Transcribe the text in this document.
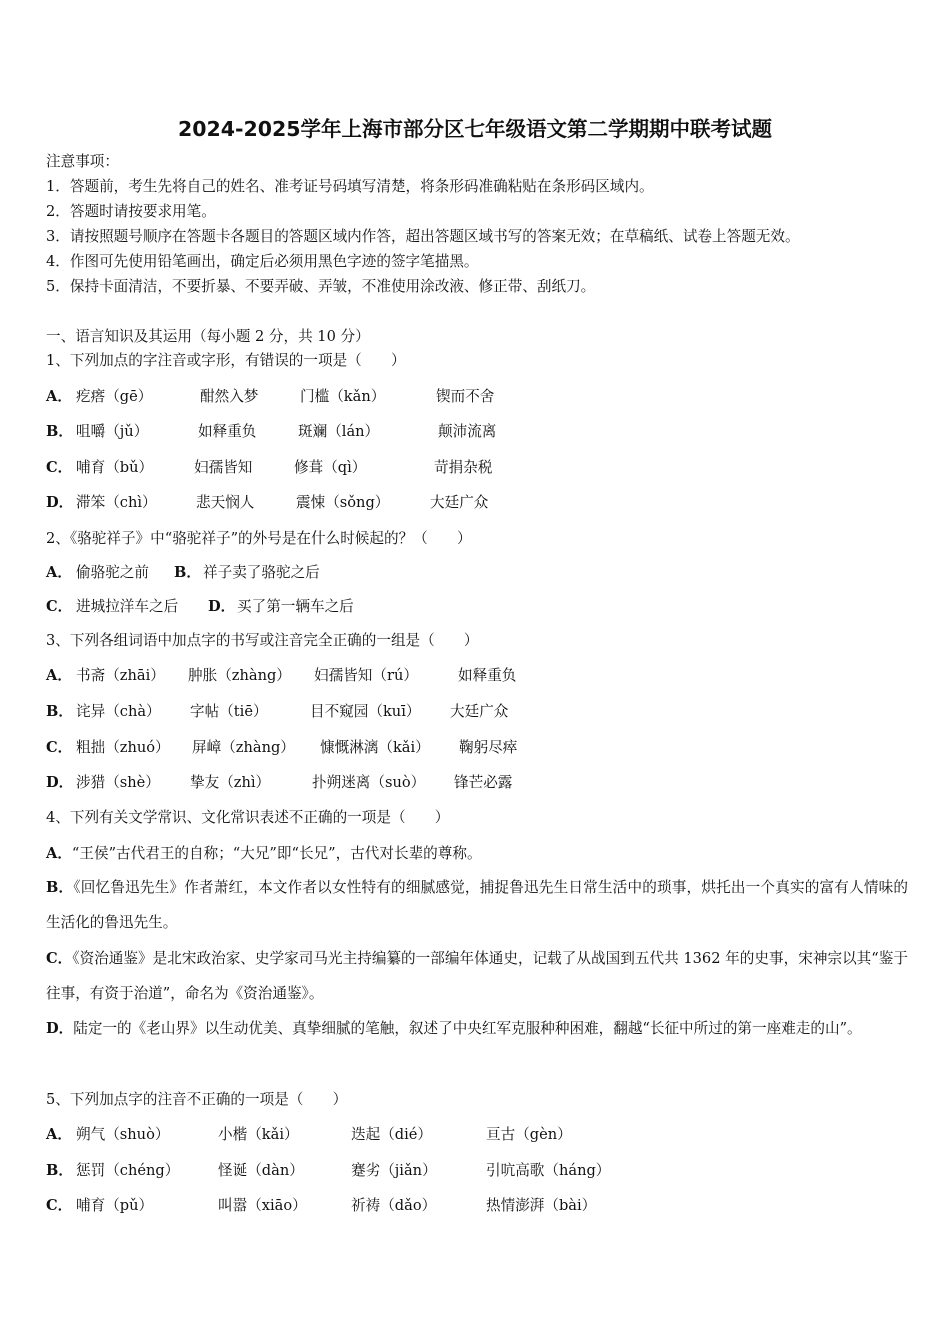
2024-2025学年上海市部分区七年级语文第二学期期中联考试题
注意事项：
1．答题前，考生先将自己的姓名、准考证号码填写清楚，将条形码准确粘贴在条形码区域内。
2．答题时请按要求用笔。
3．请按照题号顺序在答题卡各题目的答题区域内作答，超出答题区域书写的答案无效；在草稿纸、试卷上答题无效。
4．作图可先使用铅笔画出，确定后必须用黑色字迹的签字笔描黑。
5．保持卡面清洁，不要折暴、不要弄破、弄皱，不准使用涂改液、修正带、刮纸刀。
一、语言知识及其运用（每小题 2 分，共 10 分）
1、下列加点的字注音或字形，有错误的一项是（　　）
A． 疙瘩（gē）	酣然入梦	门槛（kǎn）	锲而不舍
B． 咀嚼（jǔ）	如释重负	斑斓（lán）	颠沛流离
C． 哺育（bǔ）	妇孺皆知	修葺（qì）	苛捐杂税
D． 滞笨（chì）	悲天悯人	震悚（sǒng）	大廷广众
2、《骆驼祥子》中“骆驼祥子”的外号是在什么时候起的？（　　）
A． 偷骆驼之前 B． 祥子卖了骆驼之后
C． 进城拉洋车之后 D． 买了第一辆车之后
3、下列各组词语中加点字的书写或注音完全正确的一组是（　　）
A． 书斋（zhāi） 肿胀（zhàng） 妇孺皆知（rú）	如释重负
B． 诧异（chà） 字帖（tiē）	目不窥园（kuī） 大廷广众
C． 粗拙（zhuó） 屏嶂（zhàng） 慷慨淋漓（kǎi） 鞠躬尽瘁
D． 涉猎（shè） 挚友（zhì）	扑朔迷离（suò） 锋芒必露
4、下列有关文学常识、文化常识表述不正确的一项是（　　）
A．“王侯”古代君王的自称；“大兄”即“长兄”，古代对长辈的尊称。
B．《回忆鲁迅先生》作者萧红，本文作者以女性特有的细腻感觉，捕捉鲁迅先生日常生活中的琐事，烘托出一个真实的富有人情味的生活化的鲁迅先生。
C．《资治通鉴》是北宋政治家、史学家司马光主持编纂的一部编年体通史，记载了从战国到五代共 1362 年的史事，宋神宗以其“鉴于往事，有资于治道”，命名为《资治通鉴》。
D．陆定一的《老山界》以生动优美、真挚细腻的笔触，叙述了中央红军克服种种困难，翻越“长征中所过的第一座难走的山”。
5、下列加点字的注音不正确的一项是（　　）
A． 朔气（shuò）	小楷（kǎi）	迭起（dié）	亘古（gèn）
B． 惩罚（chéng）	怪诞（dàn）	蹇劣（jiǎn）	引吭高歌（háng）
C． 哺育（pǔ）	叫嚣（xiāo）	祈祷（dǎo）	热情澎湃（bài）
